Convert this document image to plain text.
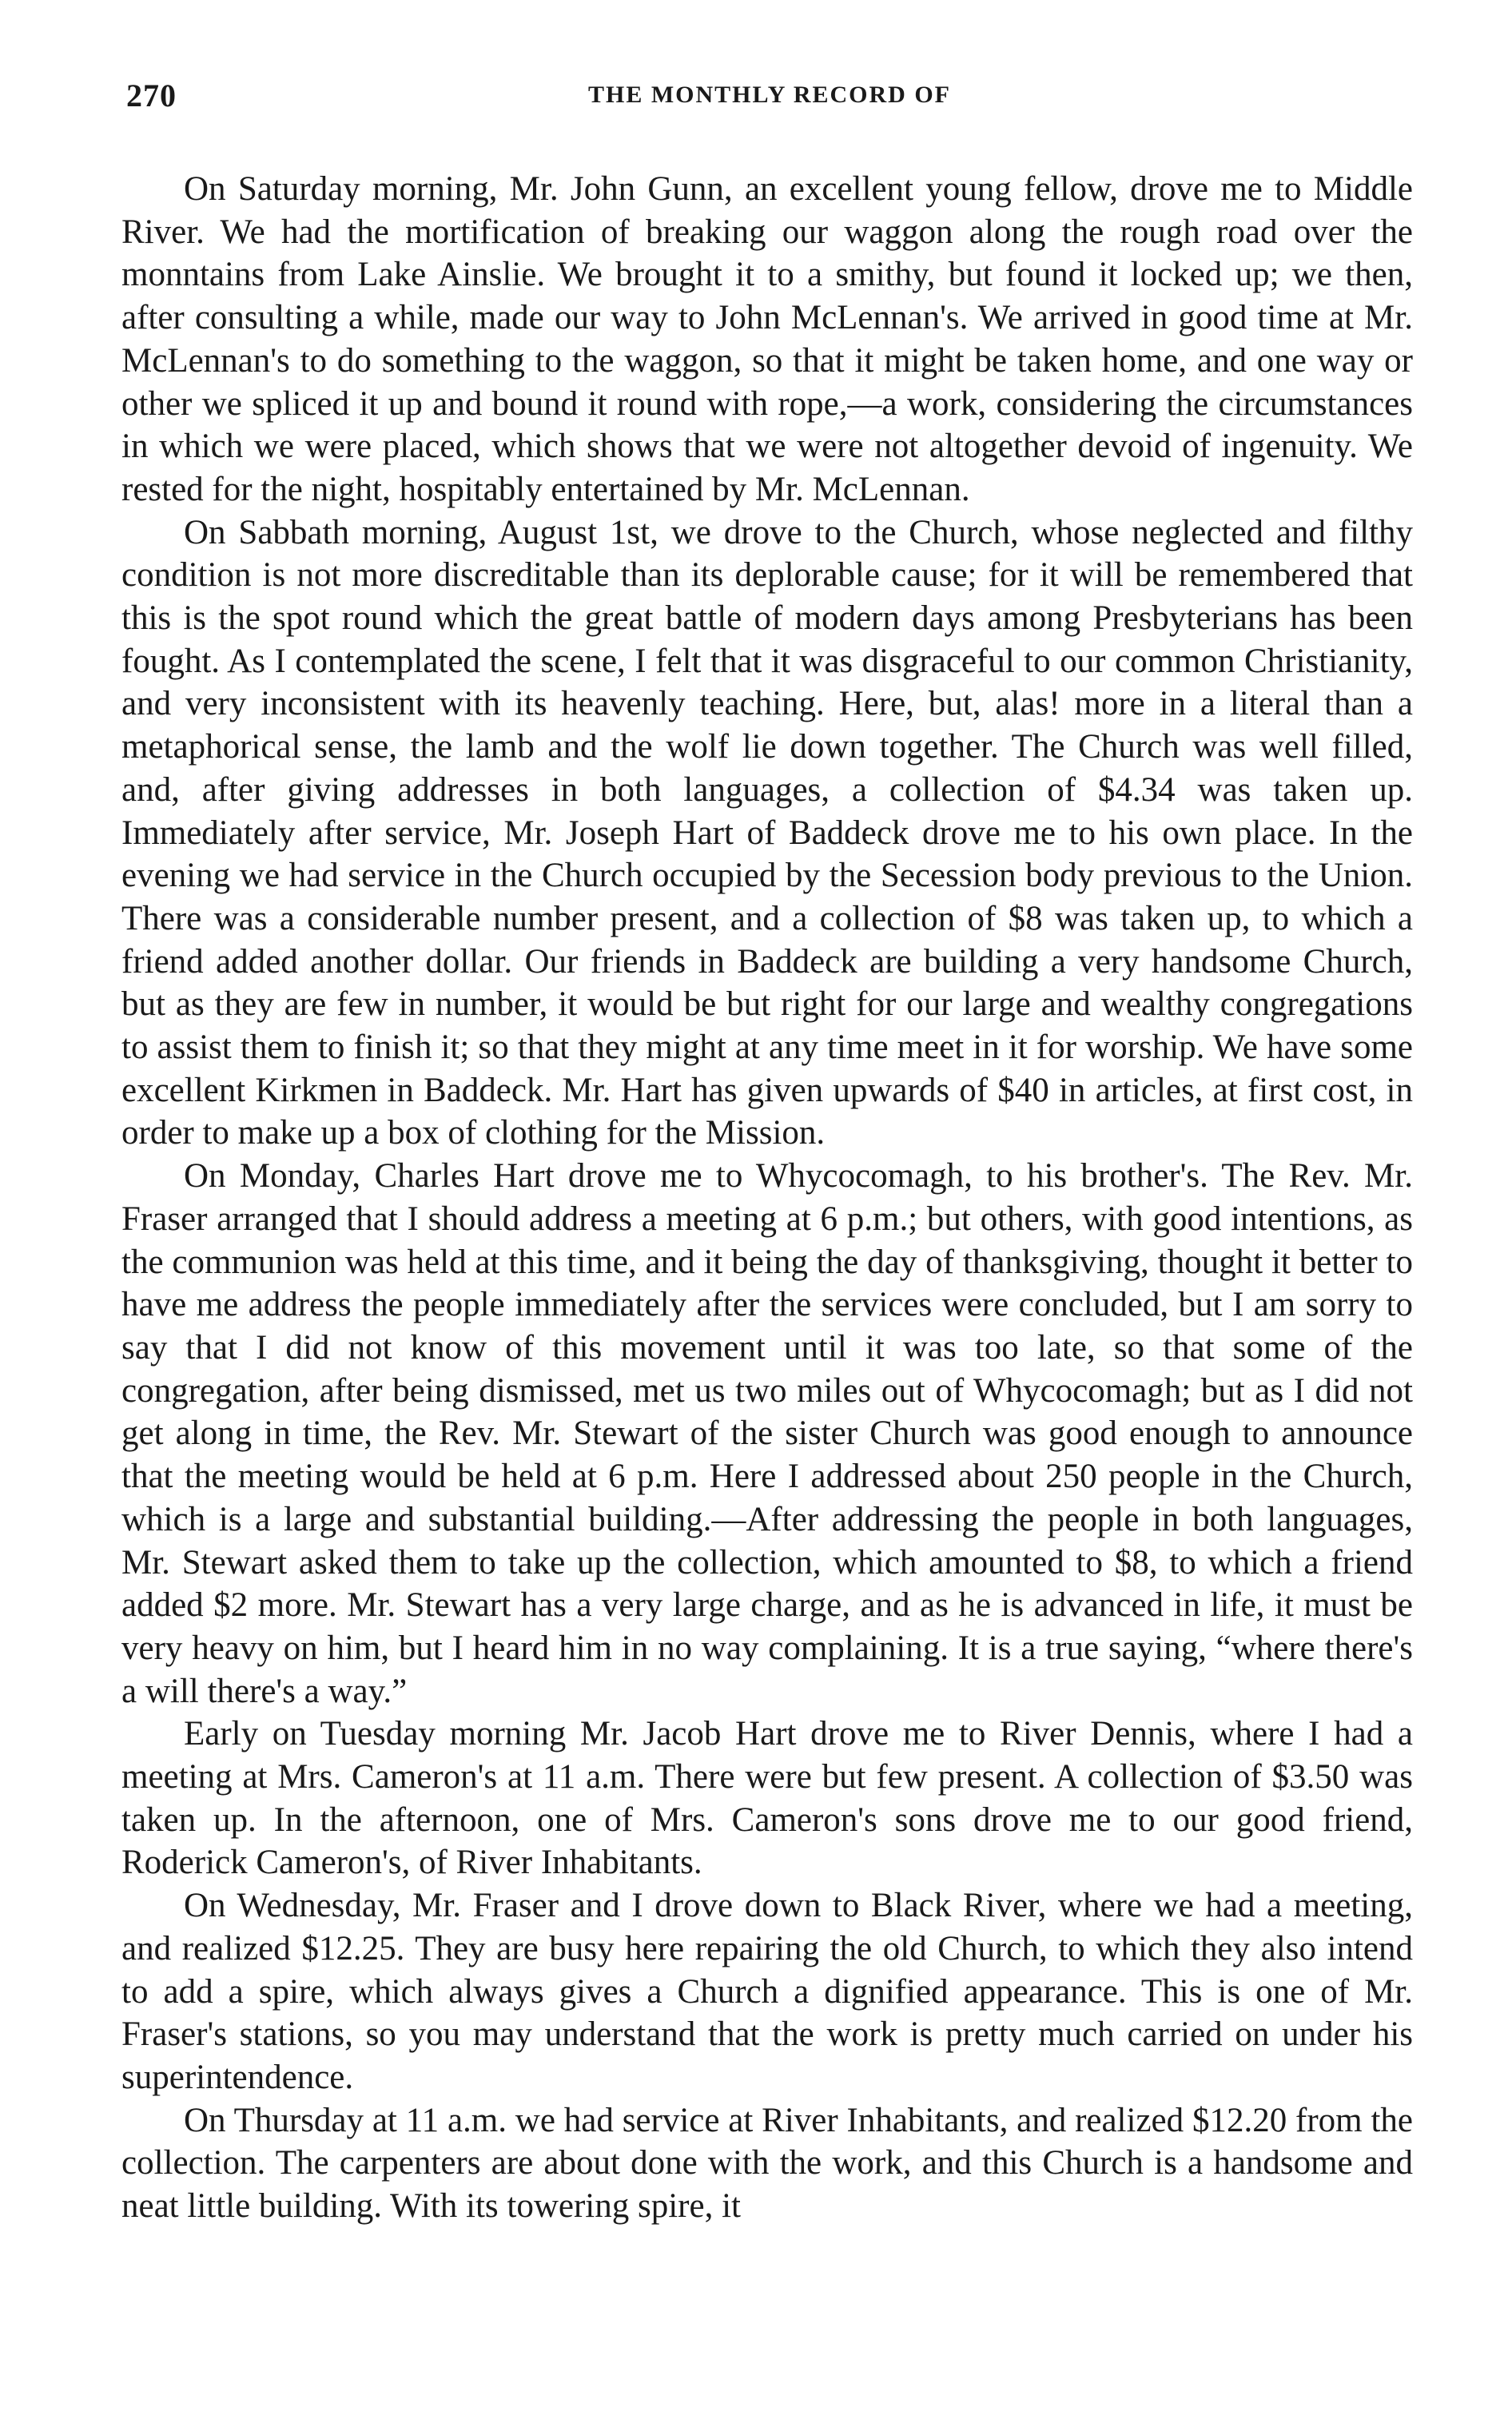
270	THE MONTHLY RECORD OF

On Saturday morning, Mr. John Gunn, an excellent young fellow, drove me to Middle River. We had the mortification of breaking our waggon along the rough road over the monntains from Lake Ainslie. We brought it to a smithy, but found it locked up; we then, after consulting a while, made our way to John McLennan's. We arrived in good time at Mr. McLennan's to do something to the waggon, so that it might be taken home, and one way or other we spliced it up and bound it round with rope,—a work, considering the circumstances in which we were placed, which shows that we were not altogether devoid of ingenuity. We rested for the night, hospitably entertained by Mr. McLennan.

On Sabbath morning, August 1st, we drove to the Church, whose neglected and filthy condition is not more discreditable than its deplorable cause; for it will be remembered that this is the spot round which the great battle of modern days among Presbyterians has been fought. As I contemplated the scene, I felt that it was disgraceful to our common Christianity, and very inconsistent with its heavenly teaching. Here, but, alas! more in a literal than a metaphorical sense, the lamb and the wolf lie down together. The Church was well filled, and, after giving addresses in both languages, a collection of $4.34 was taken up. Immediately after service, Mr. Joseph Hart of Baddeck drove me to his own place. In the evening we had service in the Church occupied by the Secession body previous to the Union. There was a considerable number present, and a collection of $8 was taken up, to which a friend added another dollar. Our friends in Baddeck are building a very handsome Church, but as they are few in number, it would be but right for our large and wealthy congregations to assist them to finish it; so that they might at any time meet in it for worship. We have some excellent Kirkmen in Baddeck. Mr. Hart has given upwards of $40 in articles, at first cost, in order to make up a box of clothing for the Mission.

On Monday, Charles Hart drove me to Whycocomagh, to his brother's. The Rev. Mr. Fraser arranged that I should address a meeting at 6 p.m.; but others, with good intentions, as the communion was held at this time, and it being the day of thanksgiving, thought it better to have me address the people immediately after the services were concluded, but I am sorry to say that I did not know of this movement until it was too late, so that some of the congregation, after being dismissed, met us two miles out of Whycocomagh; but as I did not get along in time, the Rev. Mr. Stewart of the sister Church was good enough to announce that the meeting would be held at 6 p.m. Here I addressed about 250 people in the Church, which is a large and substantial building.—After addressing the people in both languages, Mr. Stewart asked them to take up the collection, which amounted to $8, to which a friend added $2 more. Mr. Stewart has a very large charge, and as he is advanced in life, it must be very heavy on him, but I heard him in no way complaining. It is a true saying, “where there's a will there's a way.”

Early on Tuesday morning Mr. Jacob Hart drove me to River Dennis, where I had a meeting at Mrs. Cameron's at 11 a.m. There were but few present. A collection of $3.50 was taken up. In the afternoon, one of Mrs. Cameron's sons drove me to our good friend, Roderick Cameron's, of River Inhabitants.

On Wednesday, Mr. Fraser and I drove down to Black River, where we had a meeting, and realized $12.25. They are busy here repairing the old Church, to which they also intend to add a spire, which always gives a Church a dignified appearance. This is one of Mr. Fraser's stations, so you may understand that the work is pretty much carried on under his superintendence.

On Thursday at 11 a.m. we had service at River Inhabitants, and realized $12.20 from the collection. The carpenters are about done with the work, and this Church is a handsome and neat little building. With its towering spire, it
